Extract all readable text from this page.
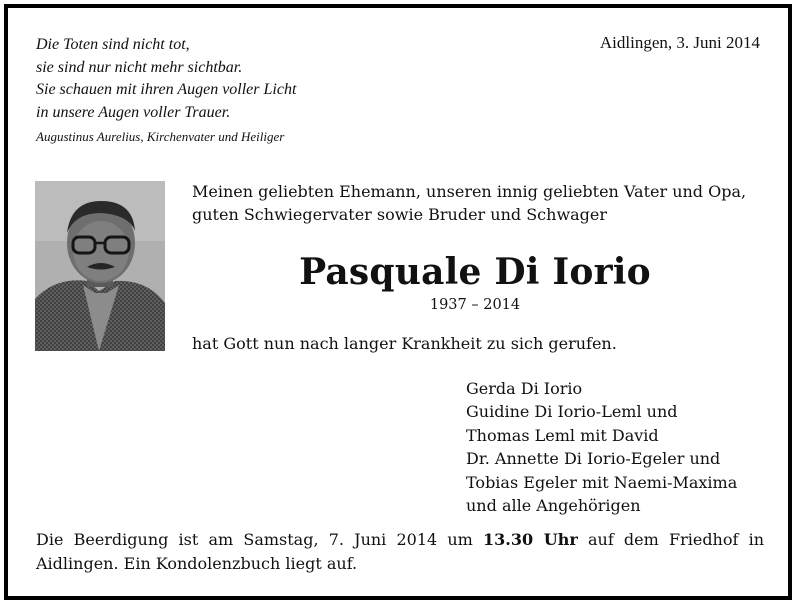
Die Toten sind nicht tot,
sie sind nur nicht mehr sichtbar.
Sie schauen mit ihren Augen voller Licht
in unsere Augen voller Trauer.
Augustinus Aurelius, Kirchenvater und Heiliger
Aidlingen, 3. Juni 2014
Meinen geliebten Ehemann, unseren innig geliebten Vater und Opa,
guten Schwiegervater sowie Bruder und Schwager
Pasquale Di Iorio
1937 – 2014
hat Gott nun nach langer Krankheit zu sich gerufen.
Gerda Di Iorio
Guidine Di Iorio-Leml und
Thomas Leml mit David
Dr. Annette Di Iorio-Egeler und
Tobias Egeler mit Naemi-Maxima
und alle Angehörigen
Die Beerdigung ist am Samstag, 7. Juni 2014 um 13.30 Uhr auf dem Friedhof in Aidlingen. Ein Kondolenzbuch liegt auf.
